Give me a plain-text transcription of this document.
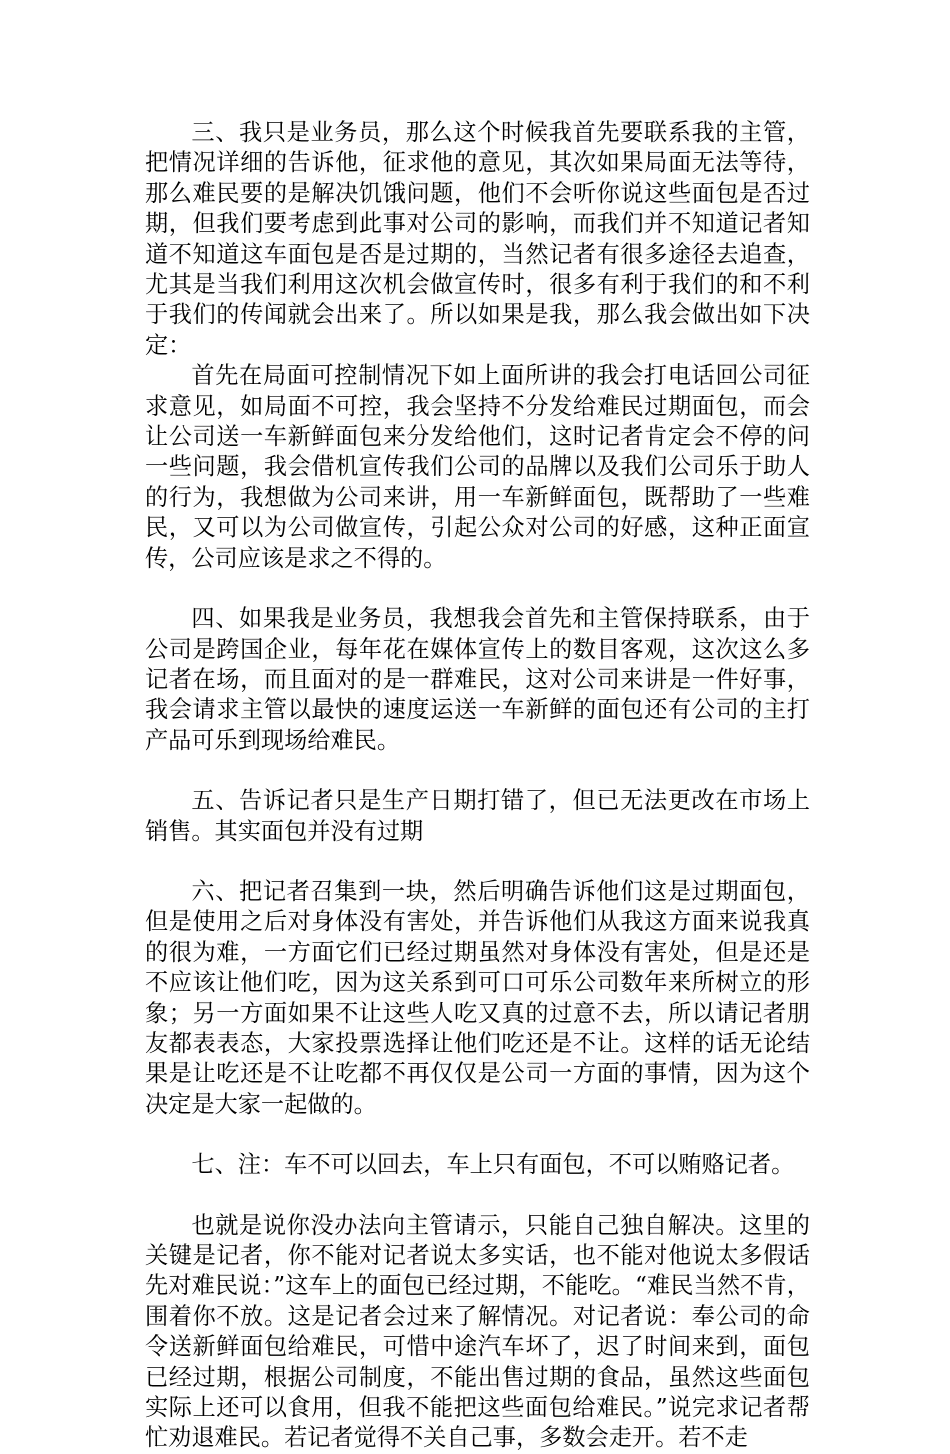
三、我只是业务员，那么这个时候我首先要联系我的主管，把情况详细的告诉他，征求他的意见，其次如果局面无法等待，那么难民要的是解决饥饿问题，他们不会听你说这些面包是否过期，但我们要考虑到此事对公司的影响，而我们并不知道记者知道不知道这车面包是否是过期的，当然记者有很多途径去追查，尤其是当我们利用这次机会做宣传时，很多有利于我们的和不利于我们的传闻就会出来了。所以如果是我，那么我会做出如下决定：

首先在局面可控制情况下如上面所讲的我会打电话回公司征求意见，如局面不可控，我会坚持不分发给难民过期面包，而会让公司送一车新鲜面包来分发给他们，这时记者肯定会不停的问一些问题，我会借机宣传我们公司的品牌以及我们公司乐于助人的行为，我想做为公司来讲，用一车新鲜面包，既帮助了一些难民，又可以为公司做宣传，引起公众对公司的好感，这种正面宣传，公司应该是求之不得的。

四、如果我是业务员，我想我会首先和主管保持联系，由于公司是跨国企业，每年花在媒体宣传上的数目客观，这次这么多记者在场，而且面对的是一群难民，这对公司来讲是一件好事，我会请求主管以最快的速度运送一车新鲜的面包还有公司的主打产品可乐到现场给难民。

五、告诉记者只是生产日期打错了，但已无法更改在市场上销售。其实面包并没有过期

六、把记者召集到一块，然后明确告诉他们这是过期面包，但是使用之后对身体没有害处，并告诉他们从我这方面来说我真的很为难，一方面它们已经过期虽然对身体没有害处，但是还是不应该让他们吃，因为这关系到可口可乐公司数年来所树立的形象；另一方面如果不让这些人吃又真的过意不去，所以请记者朋友都表表态，大家投票选择让他们吃还是不让。这样的话无论结果是让吃还是不让吃都不再仅仅是公司一方面的事情，因为这个决定是大家一起做的。

七、注：车不可以回去，车上只有面包，不可以贿赂记者。

也就是说你没办法向主管请示，只能自己独自解决。这里的关键是记者，你不能对记者说太多实话，也不能对他说太多假话先对难民说：”这车上的面包已经过期，不能吃。“难民当然不肯，围着你不放。这是记者会过来了解情况。对记者说：奉公司的命令送新鲜面包给难民，可惜中途汽车坏了，迟了时间来到，面包已经过期，根据公司制度，不能出售过期的食品，虽然这些面包实际上还可以食用，但我不能把这些面包给难民。”说完求记者帮忙劝退难民。若记者觉得不关自己事，多数会走开。若不走
